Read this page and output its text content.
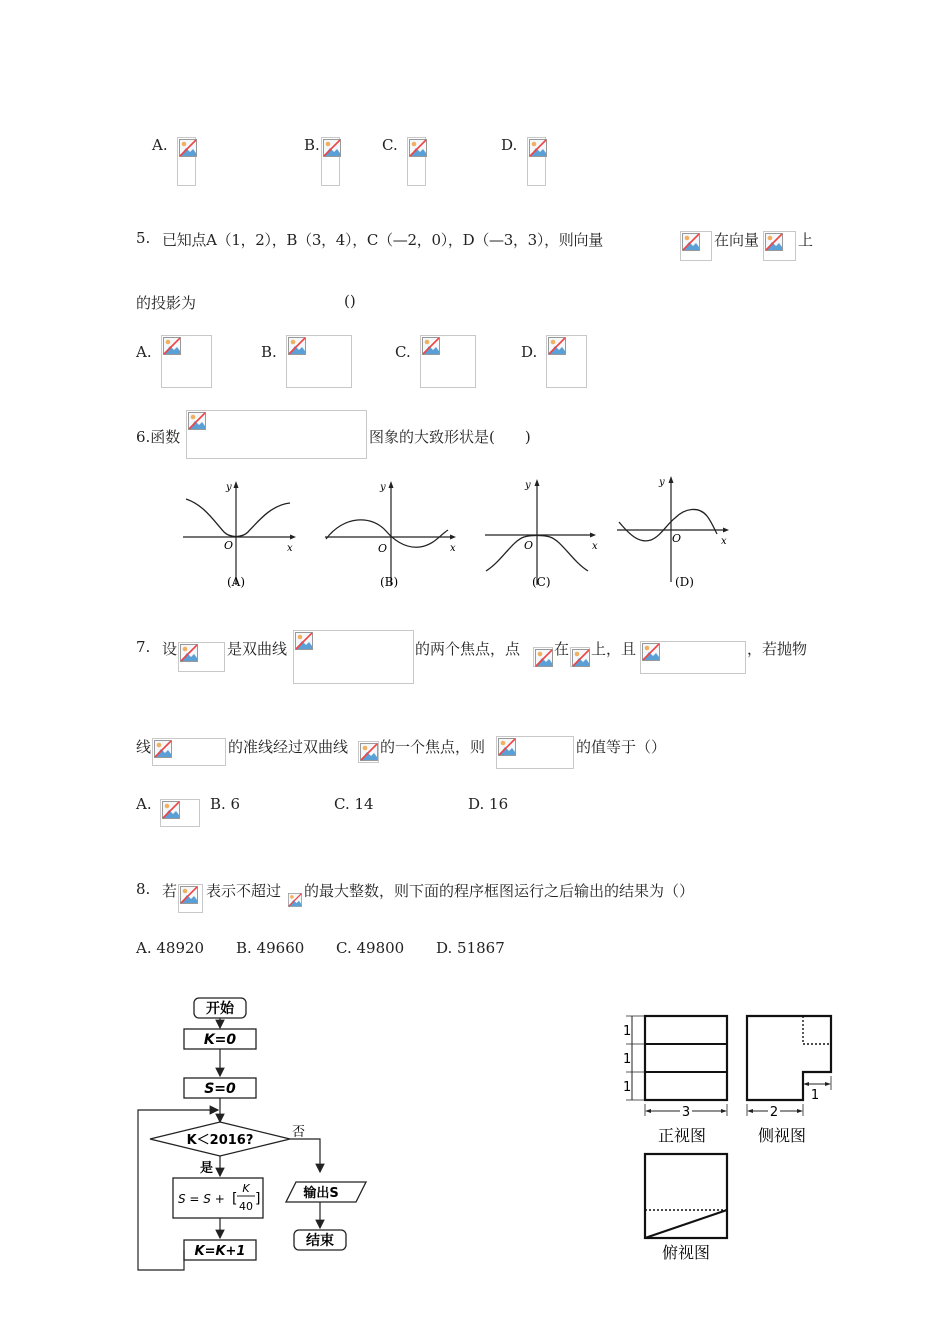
A.	B.	C.	D.
5. 已知点A（1，2），B（3，4），C（—2，0），D（—3，3），则向量	在向量	上
的投影为	()
A.	B.	C.	D.
6.函数	图象的大致形状是(　　)
y
x
O
(A)
y
x
O
(B)
y
x
O
(C)
y
x
O
(D)
7. 设	是双曲线	的两个焦点，点 在 上，且	，若抛物
线	的准线经过双曲线 的一个焦点，则	的值等于（）
A.	B. 6	C. 14	D. 16
8. 若 表示不超过 的最大整数，则下面的程序框图运行之后输出的结果为（）
A. 48920 B. 49660 C. 49800 D. 51867
开始
K=0
S=0
K＜2016?
否
是
S = S + [
K
40 ]
K=K+1
输出S
结束
1
1
1
3
正视图
2
1
侧视图
俯视图
